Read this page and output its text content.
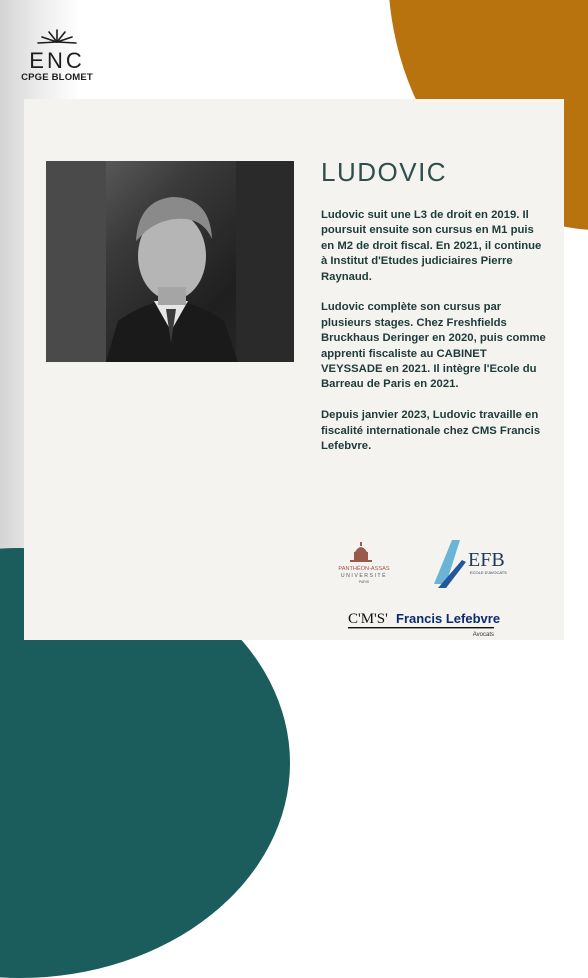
ENC
CPGE BLOMET
LUDOVIC

Ludovic suit une L3 de droit en 2019. Il poursuit ensuite son cursus en M1 puis en M2 de droit fiscal. En 2021, il continue à Institut d'Etudes judiciaires Pierre Raynaud.

Ludovic complète son cursus par plusieurs stages. Chez Freshfields Bruckhaus Deringer en 2020, puis comme apprenti fiscaliste au CABINET VEYSSADE en 2021. Il intègre l'Ecole du Barreau de Paris en 2021.

Depuis janvier 2023, Ludovic travaille en fiscalité internationale chez CMS Francis Lefebvre.

PANTHÉON-ASSAS
UNIVERSITÉ
PARIS
EFB
ECOLE D'AVOCATS
C'M'S' Francis Lefebvre
Avocats
